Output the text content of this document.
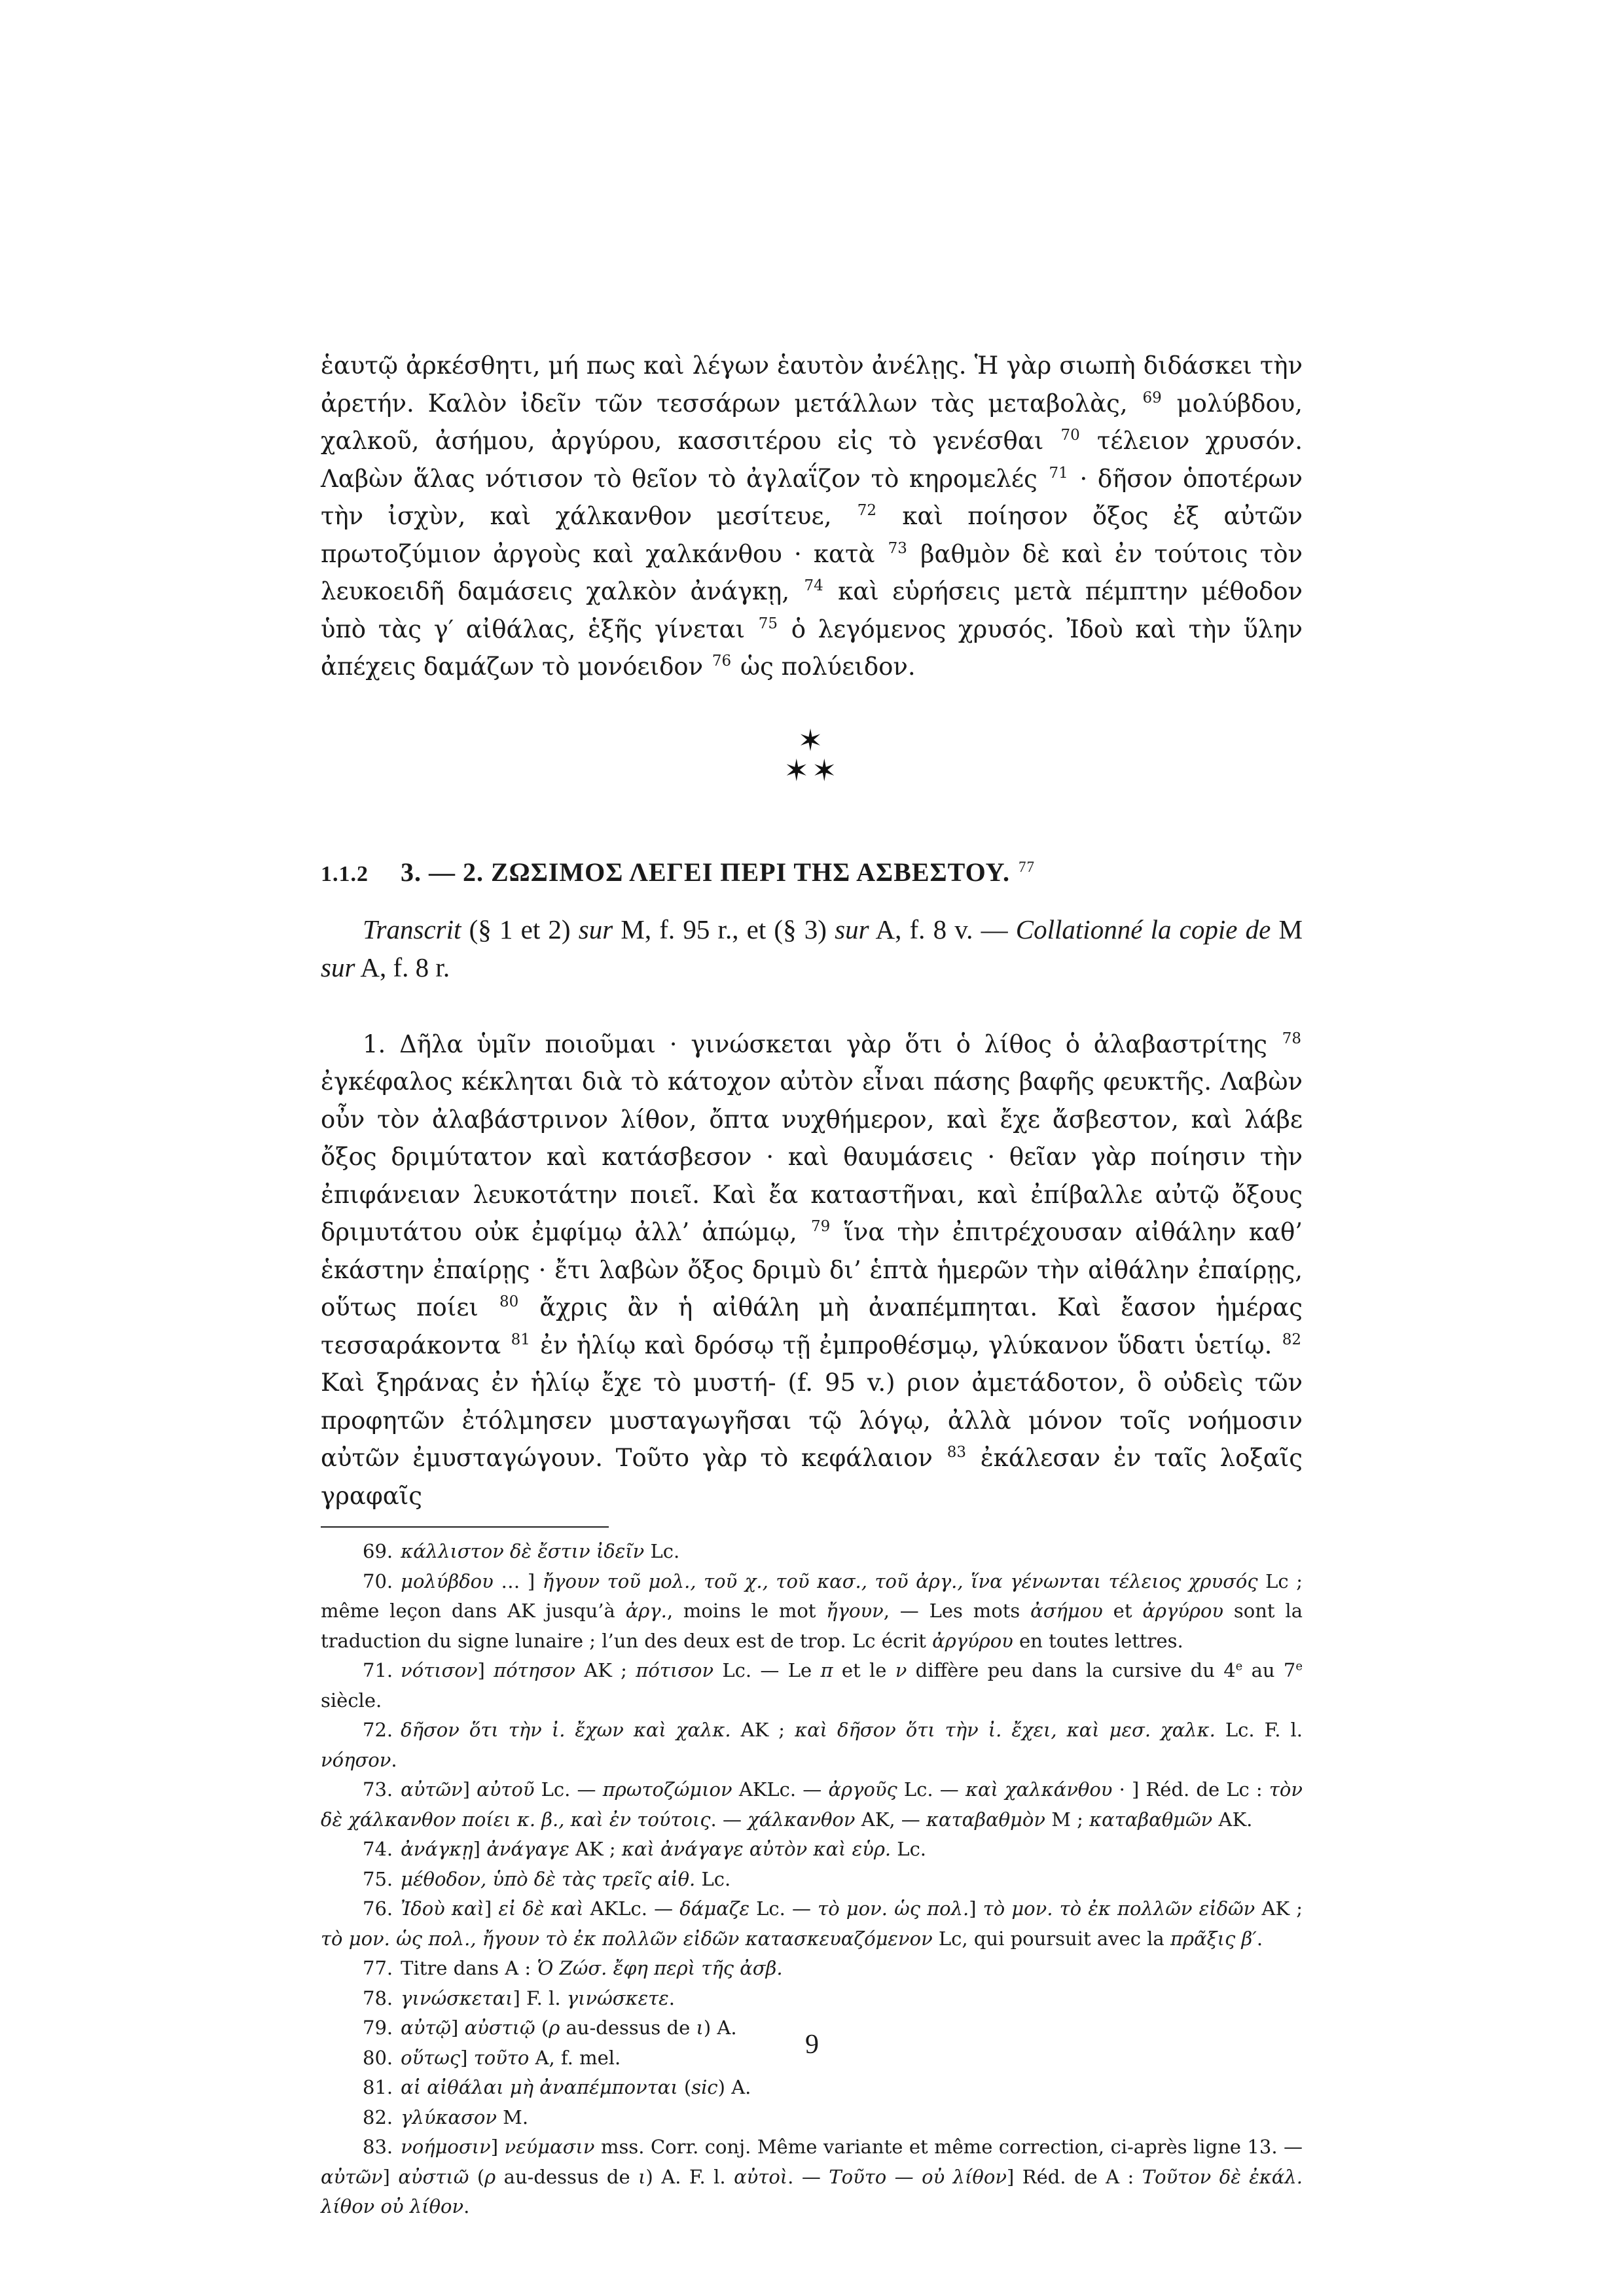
ἑαυτῷ ἀρκέσθητι, μή πως καὶ λέγων ἑαυτὸν ἀνέλῃς. Ἡ γὰρ σιωπὴ διδάσκει τὴν ἀρετήν. Καλὸν ἰδεῖν τῶν τεσσάρων μετάλλων τὰς μεταβολὰς, $^{69}$ μολύβδου, χαλκοῦ, ἀσήμου, ἀργύρου, κασσιτέρου εἰς τὸ γενέσθαι $^{70}$ τέλειον χρυσόν. Λαβὼν ἅλας νότισον τὸ θεῖον τὸ ἀγλαΐζον τὸ κηρομελές $^{71}$ · δῆσον ὁποτέρων τὴν ἰσχὺν, καὶ χάλκανθον μεσίτευε, $^{72}$ καὶ ποίησον ὄξος ἐξ αὐτῶν πρωτοζύμιον ἀργοὺς καὶ χαλκάνθου · κατὰ $^{73}$ βαθμὸν δὲ καὶ ἐν τούτοις τὸν λευκοειδῆ δαμάσεις χαλκὸν ἀνάγκῃ, $^{74}$ καὶ εὑρήσεις μετὰ πέμπτην μέθοδον ὑπὸ τὰς γ′ αἰθάλας, ἑξῆς γίνεται $^{75}$ ὁ λεγόμενος χρυσός. Ἰδοὺ καὶ τὴν ὕλην ἀπέχεις δαμάζων τὸ μονόειδον $^{76}$ ὡς πολύειδον.

✶
✶✶
1.1.2	3. — 2. ΖΩΣΙΜΟΣ ΛΕΓΕΙ ΠΕΡΙ ΤΗΣ ΑΣΒΕΣΤΟΥ. $^{77}$

Transcrit (§ 1 et 2) sur M, f. 95 r., et (§ 3) sur A, f. 8 v. — Collationné la copie de M sur A, f. 8 r.

1. Δῆλα ὑμῖν ποιοῦμαι · γινώσκεται γὰρ ὅτι ὁ λίθος ὁ ἀλαβαστρίτης $^{78}$ ἐγκέφαλος κέκληται διὰ τὸ κάτοχον αὐτὸν εἶναι πάσης βαφῆς φευκτῆς. Λαβὼν οὖν τὸν ἀλαβάστρινον λίθον, ὄπτα νυχθήμερον, καὶ ἔχε ἄσβεστον, καὶ λάβε ὄξος δριμύτατον καὶ κατάσβεσον · καὶ θαυμάσεις · θεῖαν γὰρ ποίησιν τὴν ἐπιφάνειαν λευκοτάτην ποιεῖ. Καὶ ἔα καταστῆναι, καὶ ἐπίβαλλε αὐτῷ ὄξους δριμυτάτου οὐκ ἐμφίμῳ ἀλλ’ ἀπώμῳ, $^{79}$ ἵνα τὴν ἐπιτρέχουσαν αἰθάλην καθ’ ἑκάστην ἐπαίρῃς · ἔτι λαβὼν ὄξος δριμὺ δι’ ἑπτὰ ἡμερῶν τὴν αἰθάλην ἐπαίρῃς, οὕτως ποίει $^{80}$ ἄχρις ἂν ἡ αἰθάλη μὴ ἀναπέμπηται. Καὶ ἔασον ἡμέρας τεσσαράκοντα $^{81}$ ἐν ἡλίῳ καὶ δρόσῳ τῇ ἐμπροθέσμῳ, γλύκανον ὕδατι ὑετίῳ. $^{82}$ Καὶ ξηράνας ἐν ἡλίῳ ἔχε τὸ μυστή- (f. 95 v.) ριον ἀμετάδοτον, ὃ οὐδεὶς τῶν προφητῶν ἐτόλμησεν μυσταγωγῆσαι τῷ λόγῳ, ἀλλὰ μόνον τοῖς νοήμοσιν αὐτῶν ἐμυσταγώγουν. Τοῦτο γὰρ τὸ κεφάλαιον $^{83}$ ἐκάλεσαν ἐν ταῖς λοξαῖς γραφαῖς

69. κάλλιστον δὲ ἔστιν ἰδεῖν Lc.

70. μολύβδου … ] ἤγουν τοῦ μολ., τοῦ χ., τοῦ κασ., τοῦ ἀργ., ἵνα γένωνται τέλειος χρυσός Lc ; même leçon dans AK jusqu’à ἀργ., moins le mot ἤγουν, — Les mots ἀσήμου et ἀργύρου sont la traduction du signe lunaire ; l’un des deux est de trop. Lc écrit ἀργύρου en toutes lettres.

71. νότισον] πότησον AK ; πότισον Lc. — Le π et le ν diffère peu dans la cursive du 4e au 7e siècle.

72. δῆσον ὅτι τὴν ἰ. ἔχων καὶ χαλκ. AK ; καὶ δῆσον ὅτι τὴν ἰ. ἔχει, καὶ μεσ. χαλκ. Lc. F. l. νόησον.

73. αὐτῶν] αὐτοῦ Lc. — πρωτοζώμιον AKLc. — ἀργοῦς Lc. — καὶ χαλκάνθου · ] Réd. de Lc : τὸν δὲ χάλκανθον ποίει κ. β., καὶ ἐν τούτοις. — χάλκανθον AK, — καταβαθμὸν M ; καταβαθμῶν AK.

74. ἀνάγκῃ] ἀνάγαγε AK ; καὶ ἀνάγαγε αὐτὸν καὶ εὑρ. Lc.

75. μέθοδον, ὑπὸ δὲ τὰς τρεῖς αἰθ. Lc.

76. Ἰδοὺ καὶ] εἰ δὲ καὶ AKLc. — δάμαζε Lc. — τὸ μον. ὡς πολ.] τὸ μον. τὸ ἐκ πολλῶν εἰδῶν AK ; τὸ μον. ὡς πολ., ἤγουν τὸ ἐκ πολλῶν εἰδῶν κατασκευαζόμενον Lc, qui poursuit avec la πρᾶξις β′.

77. Titre dans A : Ὁ Ζώσ. ἔφη περὶ τῆς ἀσβ.

78. γινώσκεται] F. l. γινώσκετε.

79. αὐτῷ] αὐστιῷ (ρ au-dessus de ι) A.

80. οὕτως] τοῦτο A, f. mel.

81. αἱ αἰθάλαι μὴ ἀναπέμπονται (sic) A.

82. γλύκασον M.

83. νοήμοσιν] νεύμασιν mss. Corr. conj. Même variante et même correction, ci-après ligne 13. — αὐτῶν] αὐστιῶ (ρ au-dessus de ι) A. F. l. αὐτοὶ. — Τοῦτο — οὐ λίθον] Réd. de A : Τοῦτον δὲ ἐκάλ. λίθον οὐ λίθον.

9
